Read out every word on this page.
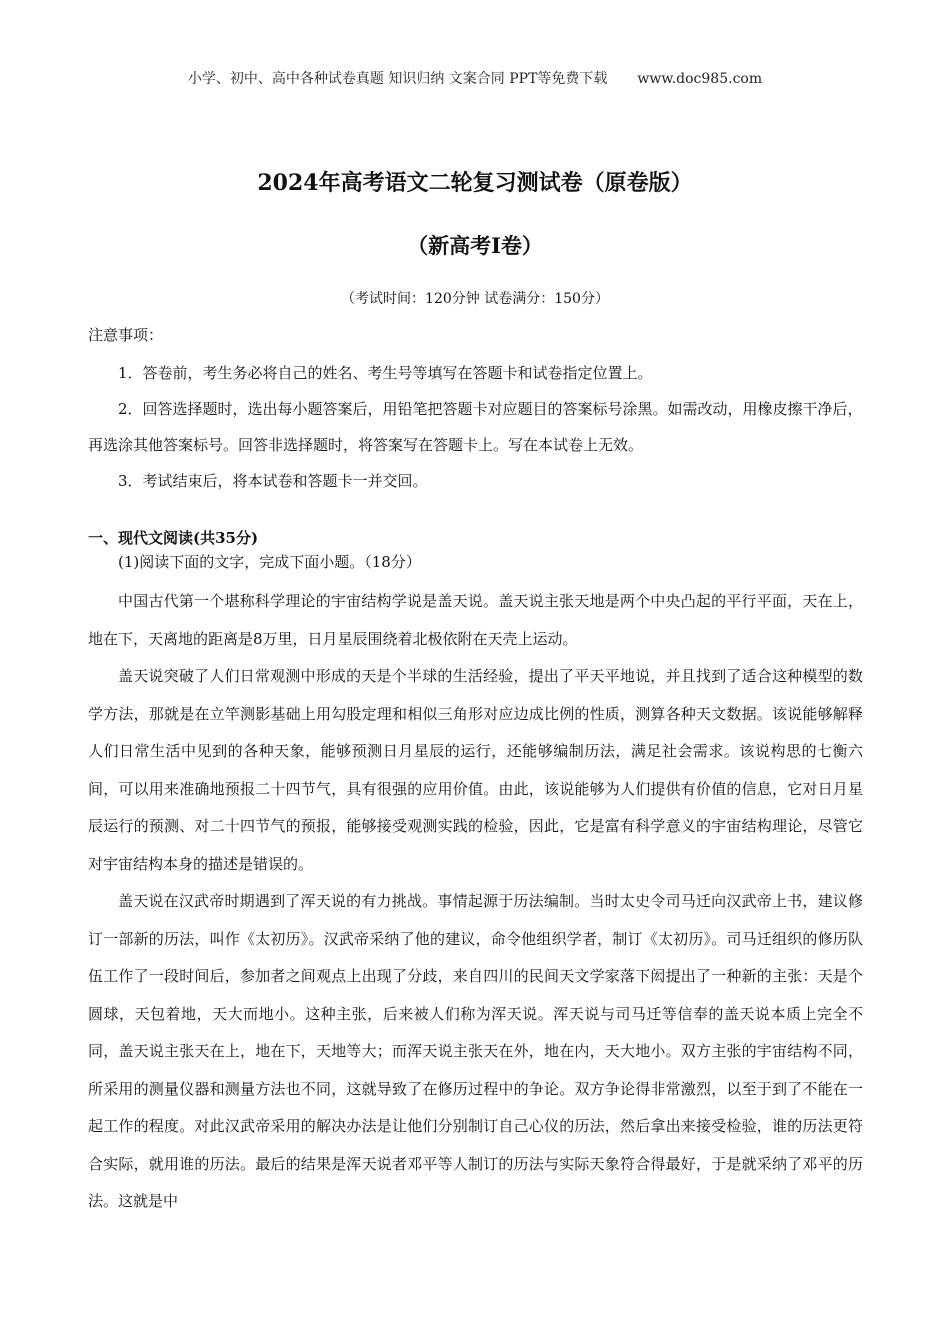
小学、初中、高中各种试卷真题 知识归纳 文案合同 PPT等免费下载 www.doc985.com
2024年高考语文二轮复习测试卷（原卷版）
（新高考Ⅰ卷）
（考试时间：120分钟 试卷满分：150分）
注意事项：

1．答卷前，考生务必将自己的姓名、考生号等填写在答题卡和试卷指定位置上。

2．回答选择题时，选出每小题答案后，用铅笔把答题卡对应题目的答案标号涂黑。如需改动，用橡皮擦干净后，再选涂其他答案标号。回答非选择题时，将答案写在答题卡上。写在本试卷上无效。

3．考试结束后，将本试卷和答题卡一并交回。

一、现代文阅读(共35分)
(1)阅读下面的文字，完成下面小题。（18分）

中国古代第一个堪称科学理论的宇宙结构学说是盖天说。盖天说主张天地是两个中央凸起的平行平面，天在上，地在下，天离地的距离是8万里，日月星辰围绕着北极依附在天壳上运动。

盖天说突破了人们日常观测中形成的天是个半球的生活经验，提出了平天平地说，并且找到了适合这种模型的数学方法，那就是在立竿测影基础上用勾股定理和相似三角形对应边成比例的性质，测算各种天文数据。该说能够解释人们日常生活中见到的各种天象，能够预测日月星辰的运行，还能够编制历法，满足社会需求。该说构思的七衡六间，可以用来准确地预报二十四节气，具有很强的应用价值。由此，该说能够为人们提供有价值的信息，它对日月星辰运行的预测、对二十四节气的预报，能够接受观测实践的检验，因此，它是富有科学意义的宇宙结构理论，尽管它对宇宙结构本身的描述是错误的。

盖天说在汉武帝时期遇到了浑天说的有力挑战。事情起源于历法编制。当时太史令司马迁向汉武帝上书，建议修订一部新的历法，叫作《太初历》。汉武帝采纳了他的建议，命令他组织学者，制订《太初历》。司马迁组织的修历队伍工作了一段时间后，参加者之间观点上出现了分歧，来自四川的民间天文学家落下闳提出了一种新的主张：天是个圆球，天包着地，天大而地小。这种主张，后来被人们称为浑天说。浑天说与司马迁等信奉的盖天说本质上完全不同，盖天说主张天在上，地在下，天地等大；而浑天说主张天在外，地在内，天大地小。双方主张的宇宙结构不同，所采用的测量仪器和测量方法也不同，这就导致了在修历过程中的争论。双方争论得非常激烈，以至于到了不能在一起工作的程度。对此汉武帝采用的解决办法是让他们分别制订自己心仪的历法，然后拿出来接受检验，谁的历法更符合实际，就用谁的历法。最后的结果是浑天说者邓平等人制订的历法与实际天象符合得最好，于是就采纳了邓平的历法。这就是中
